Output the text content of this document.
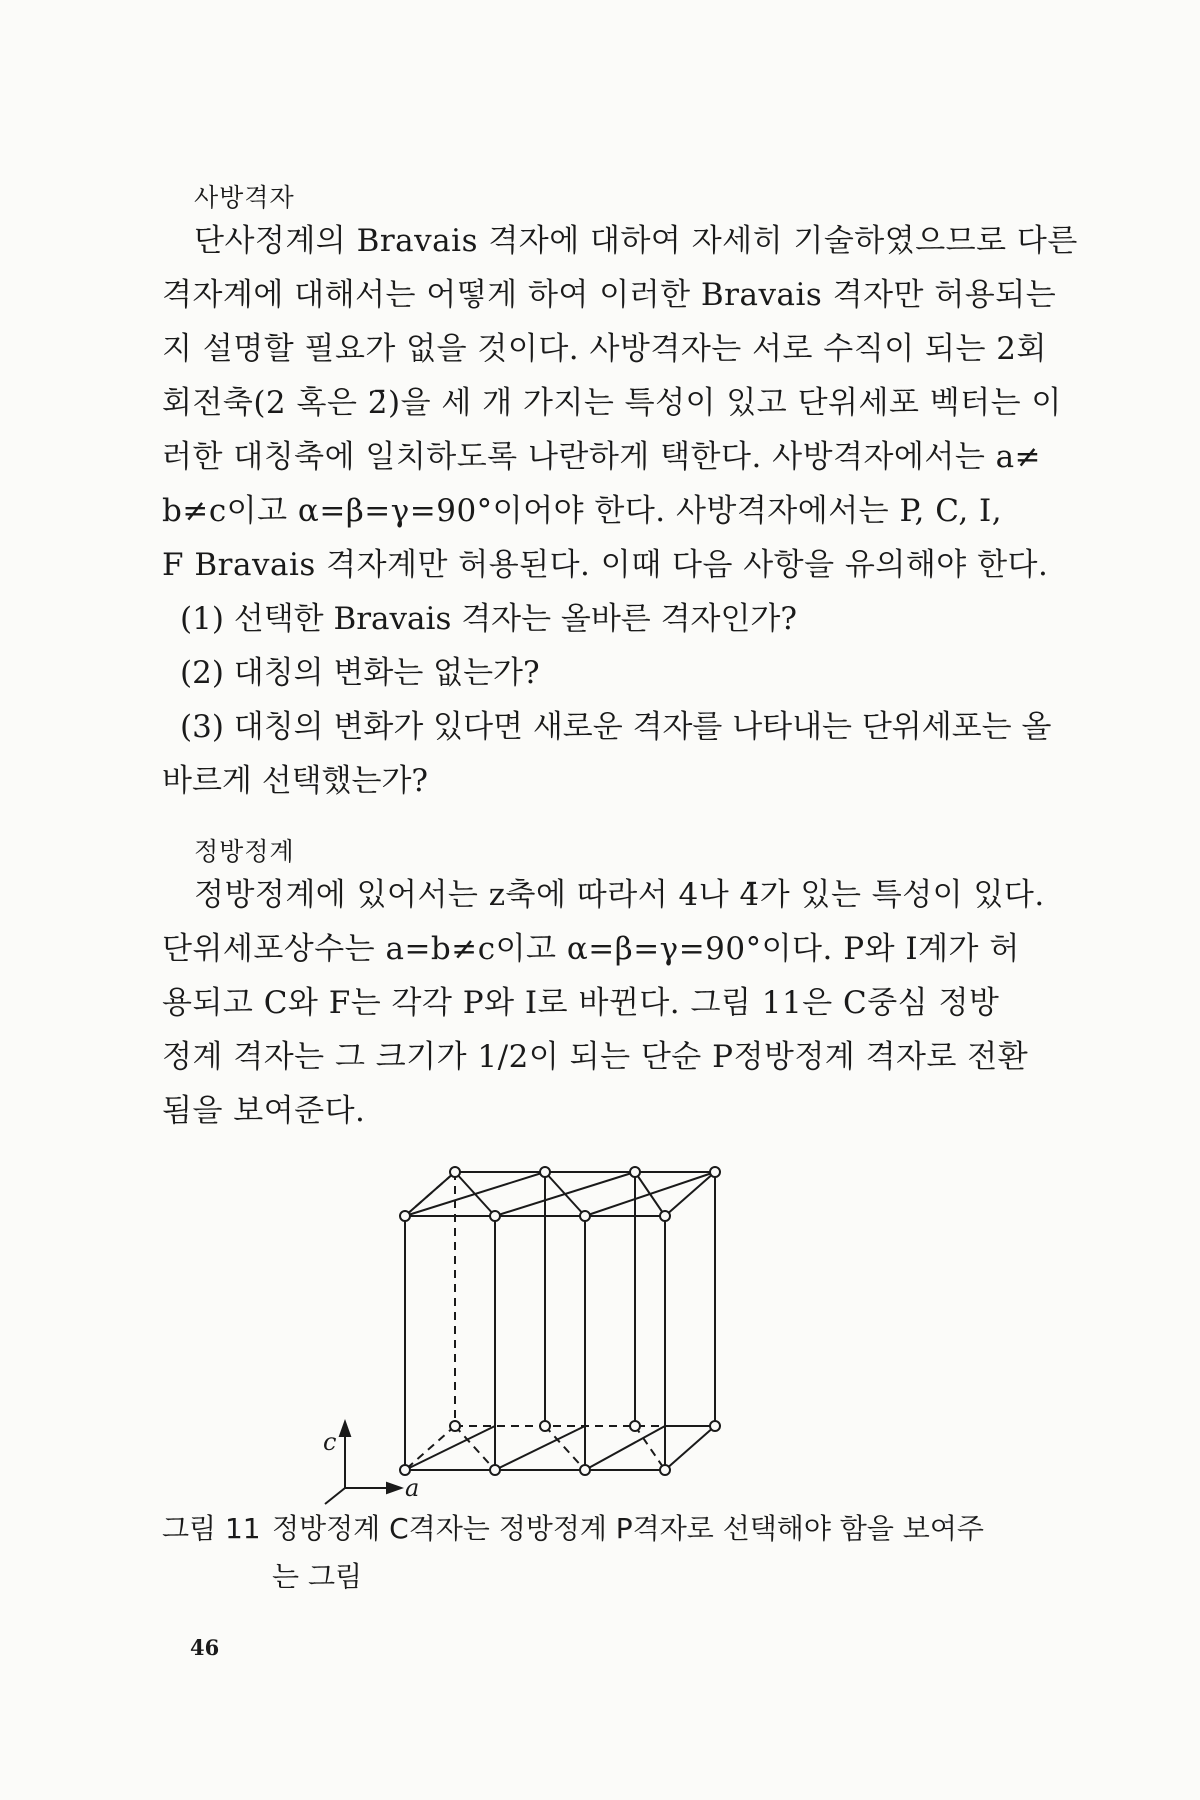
사방격자
단사정계의 Bravais 격자에 대하여 자세히 기술하였으므로 다른
격자계에 대해서는 어떻게 하여 이러한 Bravais 격자만 허용되는
지 설명할 필요가 없을 것이다. 사방격자는 서로 수직이 되는 2회
회전축(2 혹은 2̄)을 세 개 가지는 특성이 있고 단위세포 벡터는 이
러한 대칭축에 일치하도록 나란하게 택한다. 사방격자에서는 a≠
b≠c이고 α=β=γ=90°이어야 한다. 사방격자에서는 P, C, I,
F Bravais 격자계만 허용된다. 이때 다음 사항을 유의해야 한다.

(1) 선택한 Bravais 격자는 올바른 격자인가?

(2) 대칭의 변화는 없는가?

(3) 대칭의 변화가 있다면 새로운 격자를 나타내는 단위세포는 올

바르게 선택했는가?

정방정계
정방정계에 있어서는 z축에 따라서 4나 4̄가 있는 특성이 있다.
단위세포상수는 a=b≠c이고 α=β=γ=90°이다. P와 I계가 허
용되고 C와 F는 각각 P와 I로 바뀐다. 그림 11은 C중심 정방
정계 격자는 그 크기가 1/2이 되는 단순 P정방정계 격자로 전환
됨을 보여준다.
c
a
그림 11 정방정계 C격자는 정방정계 P격자로 선택해야 함을 보여주
는 그림
46
